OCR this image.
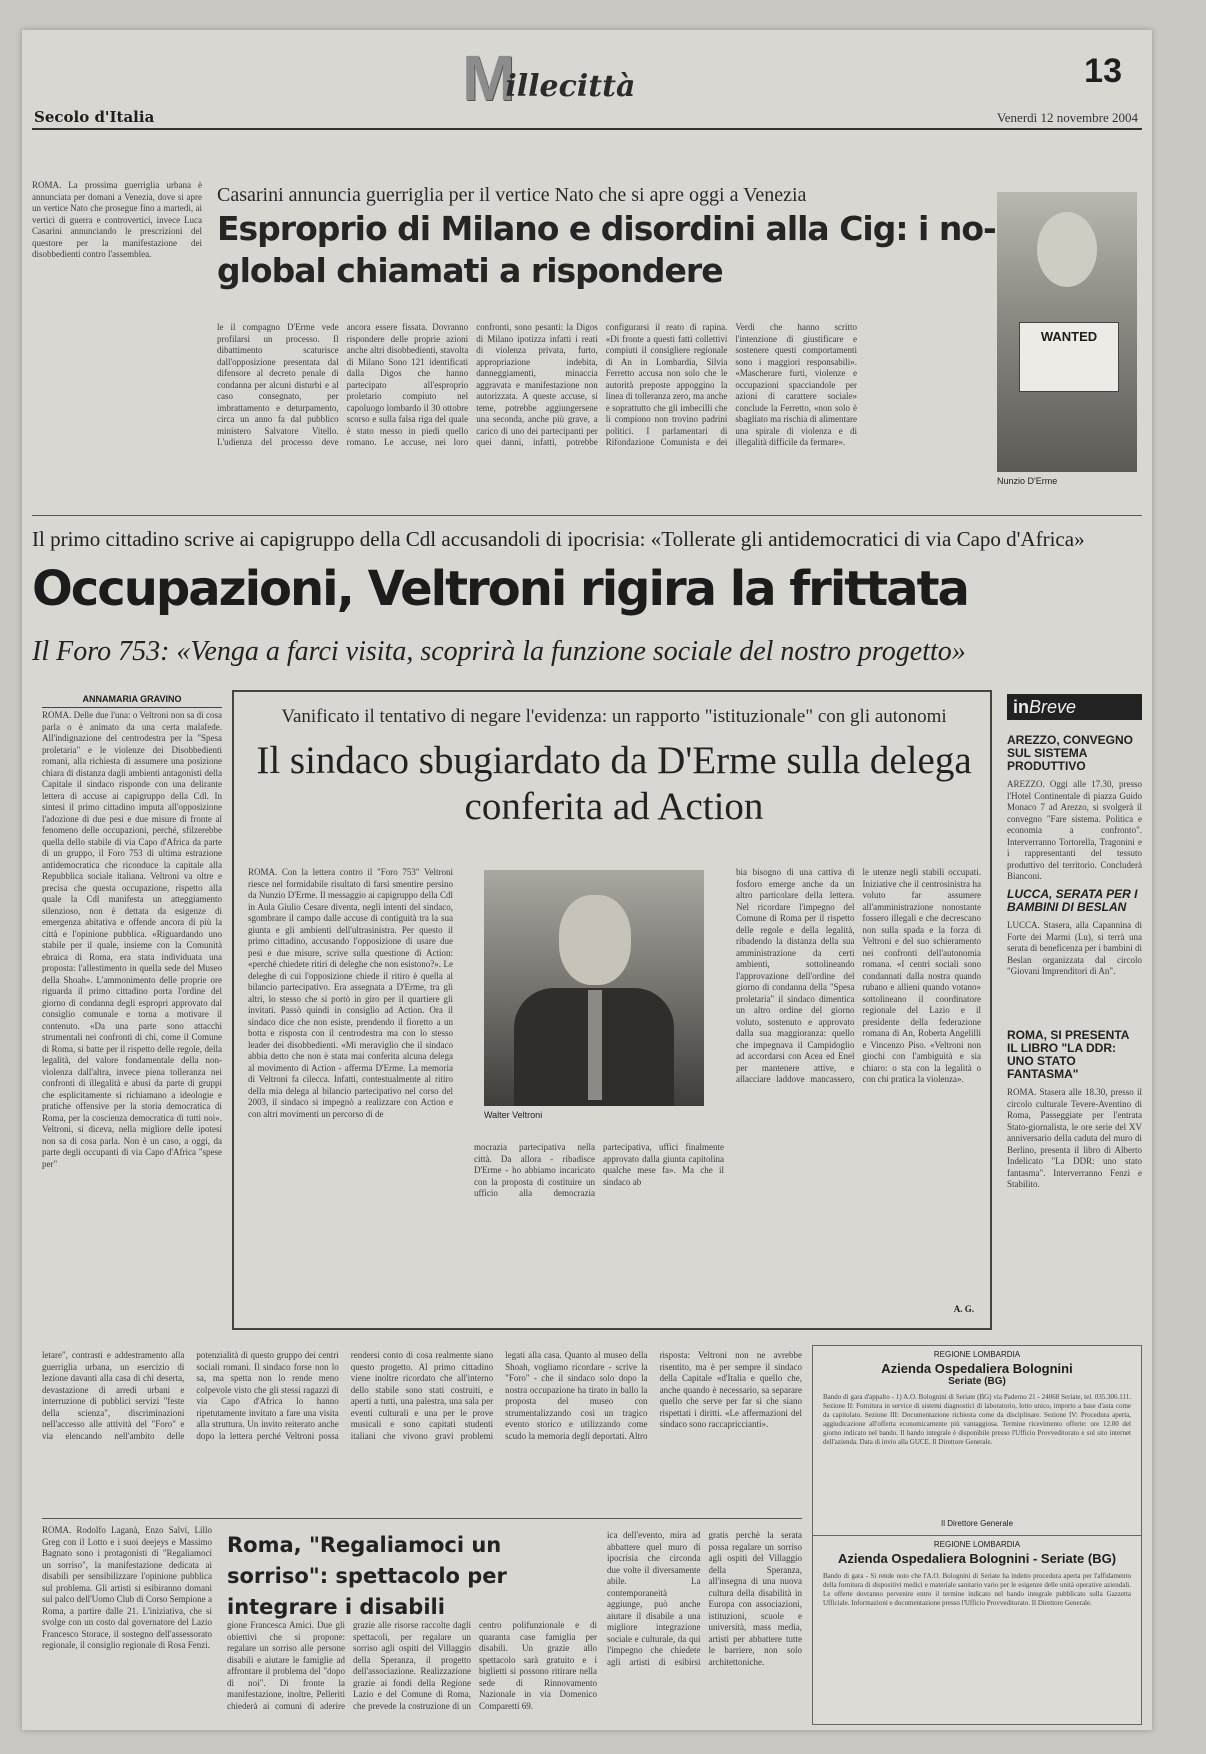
M
illecittà	13
Secolo d'Italia	Venerdì 12 novembre 2004
ROMA. La prossima guerriglia urbana è annunciata per domani a Venezia, dove si apre un vertice Nato che prosegue fino a martedì, ai vertici di guerra e controvertici, invece Luca Casarini annunciando le prescrizioni del questore per la manifestazione dei disobbedienti contro l'assemblea.
Casarini annuncia guerriglia per il vertice Nato che si apre oggi a Venezia
Esproprio di Milano e disordini alla Cig: i no-global chiamati a rispondere
le il compagno D'Erme vede profilarsi un processo. Il dibattimento scaturisce dall'opposizione presentata dal difensore al decreto penale di condanna per alcuni disturbi e al caso consegnato, per imbrattamento e deturpamento, circa un anno fa dal pubblico ministero Salvatore Vitello. L'udienza del processo deve ancora essere fissata. Dovranno rispondere delle proprie azioni anche altri disobbedienti, stavolta di Milano Sono 121 identificati dalla Digos che hanno partecipato all'esproprio proletario compiuto nel capoluogo lombardo il 30 ottobre scorso e sulla falsa riga del quale è stato messo in piedi quello romano. Le accuse, nei loro confronti, sono pesanti: la Digos di Milano ipotizza infatti i reati di violenza privata, furto, appropriazione indebita, danneggiamenti, minaccia aggravata e manifestazione non autorizzata. A queste accuse, si teme, potrebbe aggiungersene una seconda, anche più grave, a carico di uno dei partecipanti per quei danni, infatti, potrebbe configurarsi il reato di rapina. «Di fronte a questi fatti collettivi compiuti il consigliere regionale di An in Lombardia, Silvia Ferretto accusa non solo che le autorità preposte appoggino la linea di tolleranza zero, ma anche e soprattutto che gli imbecilli che li compiono non trovino padrini politici. I parlamentari di Rifondazione Comunista e dei Verdi che hanno scritto l'intenzione di giustificare e sostenere questi comportamenti sono i maggiori responsabili». «Mascherare furti, violenze e occupazioni spacciandole per azioni di carattere sociale» conclude la Ferretto, «non solo è sbagliato ma rischia di alimentare una spirale di violenza e di illegalità difficile da fermare».
WANTED
Nunzio D'Erme
Il primo cittadino scrive ai capigruppo della Cdl accusandoli di ipocrisia: «Tollerate gli antidemocratici di via Capo d'Africa»
Occupazioni, Veltroni rigira la frittata
Il Foro 753: «Venga a farci visita, scoprirà la funzione sociale del nostro progetto»
ANNAMARIA GRAVINO
ROMA. Delle due l'una: o Veltroni non sa di cosa parla o è animato da una certa malafede. All'indignazione del centrodestra per la "Spesa proletaria" e le violenze dei Disobbedienti romani, alla richiesta di assumere una posizione chiara di distanza dagli ambienti antagonisti della Capitale il sindaco risponde con una delirante lettera di accuse ai capigruppo della Cdl. In sintesi il primo cittadino imputa all'opposizione l'adozione di due pesi e due misure di fronte al fenomeno delle occupazioni, perché, sfilzerebbe quella dello stabile di via Capo d'Africa da parte di un gruppo, il Foro 753 di ultima estrazione antidemocratica che riconduce la capitale alla Repubblica sociale italiana. Veltroni va oltre e precisa che questa occupazione, rispetto alla quale la Cdl manifesta un atteggiamento silenzioso, non è dettata da esigenze di emergenza abitativa e offende ancora di più la città e l'opinione pubblica. «Riguardando uno stabile per il quale, insieme con la Comunità ebraica di Roma, era stata individuata una proposta: l'allestimento in quella sede del Museo della Shoah». L'ammonimento delle proprie ore riguarda il primo cittadino porta l'ordine del giorno di condanna degli espropri approvato dal consiglio comunale e torna a motivare il contenuto. «Da una parte sono attacchi strumentali nei confronti di chi, come il Comune di Roma, si batte per il rispetto delle regole, della legalità, del valore fondamentale della non-violenza dall'altra, invece piena tolleranza nei confronti di illegalità e abusi da parte di gruppi che esplicitamente si richiamano a ideologie e pratiche offensive per la storia democratica di Roma, per la coscienza democratica di tutti noi». Veltroni, si diceva, nella migliore delle ipotesi non sa di cosa parla. Non è un caso, a oggi, da parte degli occupanti di via Capo d'Africa "spese per"
Vanificato il tentativo di negare l'evidenza: un rapporto "istituzionale" con gli autonomi
Il sindaco sbugiardato da D'Erme sulla delega conferita ad Action
ROMA. Con la lettera contro il "Foro 753" Veltroni riesce nel formidabile risultato di farsi smentire persino da Nunzio D'Erme. Il messaggio ai capigruppo della Cdl in Aula Giulio Cesare diventa, negli intenti del sindaco, sgombrare il campo dalle accuse di contiguità tra la sua giunta e gli ambienti dell'ultrasinistra. Per questo il primo cittadino, accusando l'opposizione di usare due pesi e due misure, scrive sulla questione di Action: «perché chiedete ritiri di deleghe che non esistono?». Le deleghe di cui l'opposizione chiede il ritiro è quella al bilancio partecipativo. Era assegnata a D'Erme, tra gli altri, lo stesso che si portò in giro per il quartiere gli invitati. Passò quindi in consiglio ad Action. Ora il sindaco dice che non esiste, prendendo il fioretto a un botta e risposta con il centrodestra ma con lo stesso leader dei disobbedienti. «Mi meraviglio che il sindaco abbia detto che non è stata mai conferita alcuna delega al movimento di Action - afferma D'Erme. La memoria di Veltroni fa cilecca. Infatti, contestualmente al ritiro della mia delega al bilancio partecipativo nel corso del 2003, il sindaco si impegnò a realizzare con Action e con altri movimenti un percorso di de	Walter Veltroni
mocrazia partecipativa nella città. Da allora - ribadisce D'Erme - ho abbiamo incaricato con la proposta di costituire un ufficio alla democrazia partecipativa, uffici finalmente approvato dalla giunta capitolina qualche mese fa». Ma che il sindaco ab
bia bisogno di una cattiva di fosforo emerge anche da un altro particolare della lettera. Nel ricordare l'impegno del Comune di Roma per il rispetto delle regole e della legalità, ribadendo la distanza della sua amministrazione da certi ambienti, sottolineando l'approvazione dell'ordine del giorno di condanna della "Spesa proletaria" il sindaco dimentica un altro ordine del giorno voluto, sostenuto e approvato dalla sua maggioranza: quello che impegnava il Campidoglio ad accordarsi con Acea ed Enel per mantenere attive, e allacciare laddove mancassero, le utenze negli stabili occupati. Iniziative che il centrosinistra ha voluto far assumere all'amministrazione nonostante fossero illegali e che decrescano non sulla spada e la forza di Veltroni e del suo schieramento nei confronti dell'autonomia romana. «I centri sociali sono condannati dalla nostra quando rubano e allieni quando votano» sottolineano il coordinatore regionale del Lazio e il presidente della federazione romana di An, Roberta Angelilli e Vincenzo Piso. «Veltroni non giochi con l'ambiguità e sia chiaro: o sta con la legalità o con chi pratica la violenza».
A. G.
inBreve
AREZZO, CONVEGNO SUL SISTEMA PRODUTTIVO
AREZZO. Oggi alle 17.30, presso l'Hotel Continentale di piazza Guido Monaco 7 ad Arezzo, si svolgerà il convegno "Fare sistema. Politica e economia a confronto". Interverranno Tortorella, Tragonini e i rappresentanti del tessuto produttivo del territorio. Concluderà Bianconi.
LUCCA, SERATA PER I BAMBINI DI BESLAN
LUCCA. Stasera, alla Capannina di Forte dei Marmi (Lu), si terrà una serata di beneficenza per i bambini di Beslan organizzata dal circolo "Giovani Imprenditori di An".
ROMA, SI PRESENTA IL LIBRO "LA DDR: UNO STATO FANTASMA"
ROMA. Stasera alle 18.30, presso il circolo culturale Tevere-Aventino di Roma, Passeggiate per l'entrata Stato-giornalista, le ore serie del XV anniversario della caduta del muro di Berlino, presenta il libro di Alberto Indelicato "La DDR: uno stato fantasma". Interverranno Fenzi e Stabilito.
letare", contrasti e addestramento alla guerriglia urbana, un esercizio di lezione davanti alla casa di chi deserta, devastazione di arredi urbani e interruzione di pubblici servizi "feste della scienza", discriminazioni nell'accesso alle attività del "Foro" e via elencando nell'ambito delle potenzialità di questo gruppo dei centri sociali romani. Il sindaco forse non lo sa, ma spetta non lo rende meno colpevole visto che gli stessi ragazzi di via Capo d'Africa lo hanno ripetutamente invitato a fare una visita alla struttura. Un invito reiterato anche dopo la lettera perché Veltroni possa rendersi conto di cosa realmente siano questo progetto. Al primo cittadino viene inoltre ricordato che all'interno dello stabile sono stati costruiti, e aperti a tutti, una palestra, una sala per eventi culturali e una per le prove musicali e sono capitati studenti italiani che vivono gravi problemi legati alla casa. Quanto al museo della Shoah, vogliamo ricordare - scrive la "Foro" - che il sindaco solo dopo la nostra occupazione ha tirato in ballo la proposta del museo con strumentalizzando così un tragico evento storico e utilizzando come scudo la memoria degli deportati. Altro risposta: Veltroni non ne avrebbe risentito, ma è per sempre il sindaco della Capitale «d'Italia e quello che, anche quando è necessario, sa separare quello che serve per far sì che siano rispettati i diritti. «Le affermazioni del sindaco sono raccapriccianti».
REGIONE LOMBARDIA
Azienda Ospedaliera Bolognini
Seriate (BG)
Bando di gara d'appalto - 1) A.O. Bolognini di Seriate (BG) via Paderno 21 - 24068 Seriate, tel. 035.306.111. Sezione II: Fornitura in service di sistemi diagnostici di laboratorio, lotto unico, importo a base d'asta come da capitolato. Sezione III: Documentazione richiesta come da disciplinare. Sezione IV: Procedura aperta, aggiudicazione all'offerta economicamente più vantaggiosa. Termine ricevimento offerte: ore 12.00 del giorno indicato nel bando. Il bando integrale è disponibile presso l'Ufficio Provveditorato e sul sito internet dell'azienda. Data di invio alla GUCE. Il Direttore Generale.
Il Direttore Generale
REGIONE LOMBARDIA
Azienda Ospedaliera Bolognini - Seriate (BG)
Bando di gara - Si rende noto che l'A.O. Bolognini di Seriate ha indetto procedura aperta per l'affidamento della fornitura di dispositivi medici e materiale sanitario vario per le esigenze delle unità operative aziendali. Le offerte dovranno pervenire entro il termine indicato nel bando integrale pubblicato sulla Gazzetta Ufficiale. Informazioni e documentazione presso l'Ufficio Provveditorato. Il Direttore Generale.
ROMA. Rodolfo Laganà, Enzo Salvi, Lillo Greg con il Lotto e i suoi deejeys e Massimo Bagnato sono i protagonisti di "Regaliamoci un sorriso", la manifestazione dedicata ai disabili per sensibilizzare l'opinione pubblica sul problema. Gli artisti si esibiranno domani sul palco dell'Uomo Club di Corso Sempione a Roma, a partire dalle 21. L'iniziativa, che si svolge con un costo dal governatore del Lazio Francesco Storace, il sostegno dell'assessorato regionale, il consiglio regionale di Rosa Fenzi.
Roma, "Regaliamoci un sorriso": spettacolo per integrare i disabili
gione Francesca Amici. Due gli obiettivi che si propone: regalare un sorriso alle persone disabili e aiutare le famiglie ad affrontare il problema del "dopo di noi". Di fronte la manifestazione, inoltre, Pelleriti chiederà ai comuni di aderire grazie alle risorse raccolte dagli spettacoli, per regalare un sorriso agli ospiti del Villaggio della Speranza, il progetto dell'associazione. Realizzazione grazie ai fondi della Regione Lazio e del Comune di Roma, che prevede la costruzione di un centro polifunzionale e di quaranta case famiglia per disabili. Un grazie allo spettacolo sarà gratuito e i biglietti si possono ritirare nella sede di Rinnovamento Nazionale in via Domenico Comparetti 69.
ica dell'evento, mira ad abbattere quel muro di ipocrisia che circonda due volte il diversamente abile. La contemporaneità aggiunge, può anche aiutare il disabile a una migliore integrazione sociale e culturale, da qui l'impegno che chiedete agli artisti di esibirsi gratis perchè la serata possa regalare un sorriso agli ospiti del Villaggio della Speranza, all'insegna di una nuova cultura della disabilità in Europa con associazioni, istituzioni, scuole e università, mass media, artisti per abbattere tutte le barriere, non solo architettoniche.
